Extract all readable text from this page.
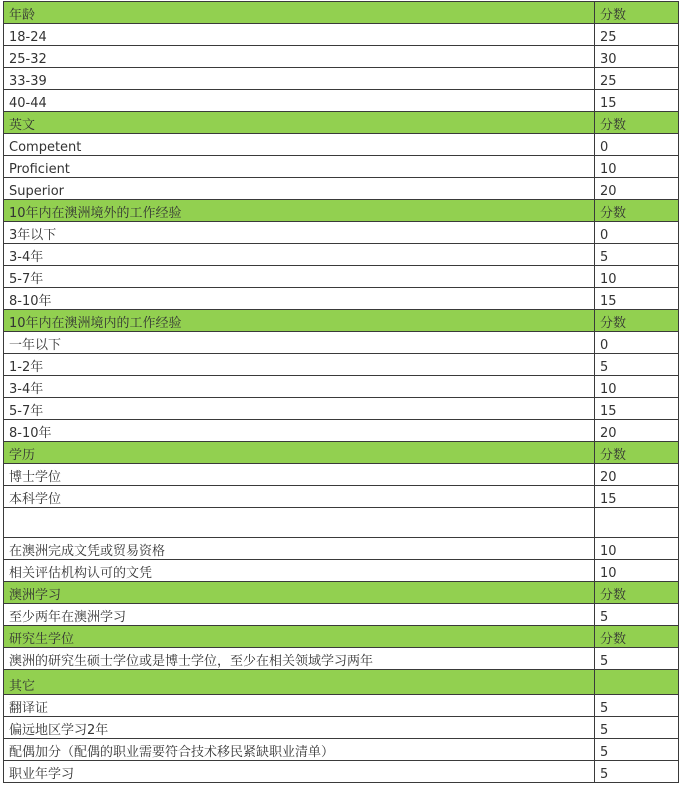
年龄	分数
18-24	25
25-32	30
33-39	25
40-44	15
英文	分数
Competent	0
Proficient	10
Superior	20
10年内在澳洲境外的工作经验	分数
3年以下	0
3-4年	5
5-7年	10
8-10年	15
10年内在澳洲境内的工作经验	分数
一年以下	0
1-2年	5
3-4年	10
5-7年	15
8-10年	20
学历	分数
博士学位	20
本科学位	15

在澳洲完成文凭或贸易资格	10
相关评估机构认可的文凭	10
澳洲学习	分数
至少两年在澳洲学习	5
研究生学位	分数
澳洲的研究生硕士学位或是博士学位，至少在相关领域学习两年	5
其它	
翻译证	5
偏远地区学习2年	5
配偶加分（配偶的职业需要符合技术移民紧缺职业清单）	5
职业年学习	5
